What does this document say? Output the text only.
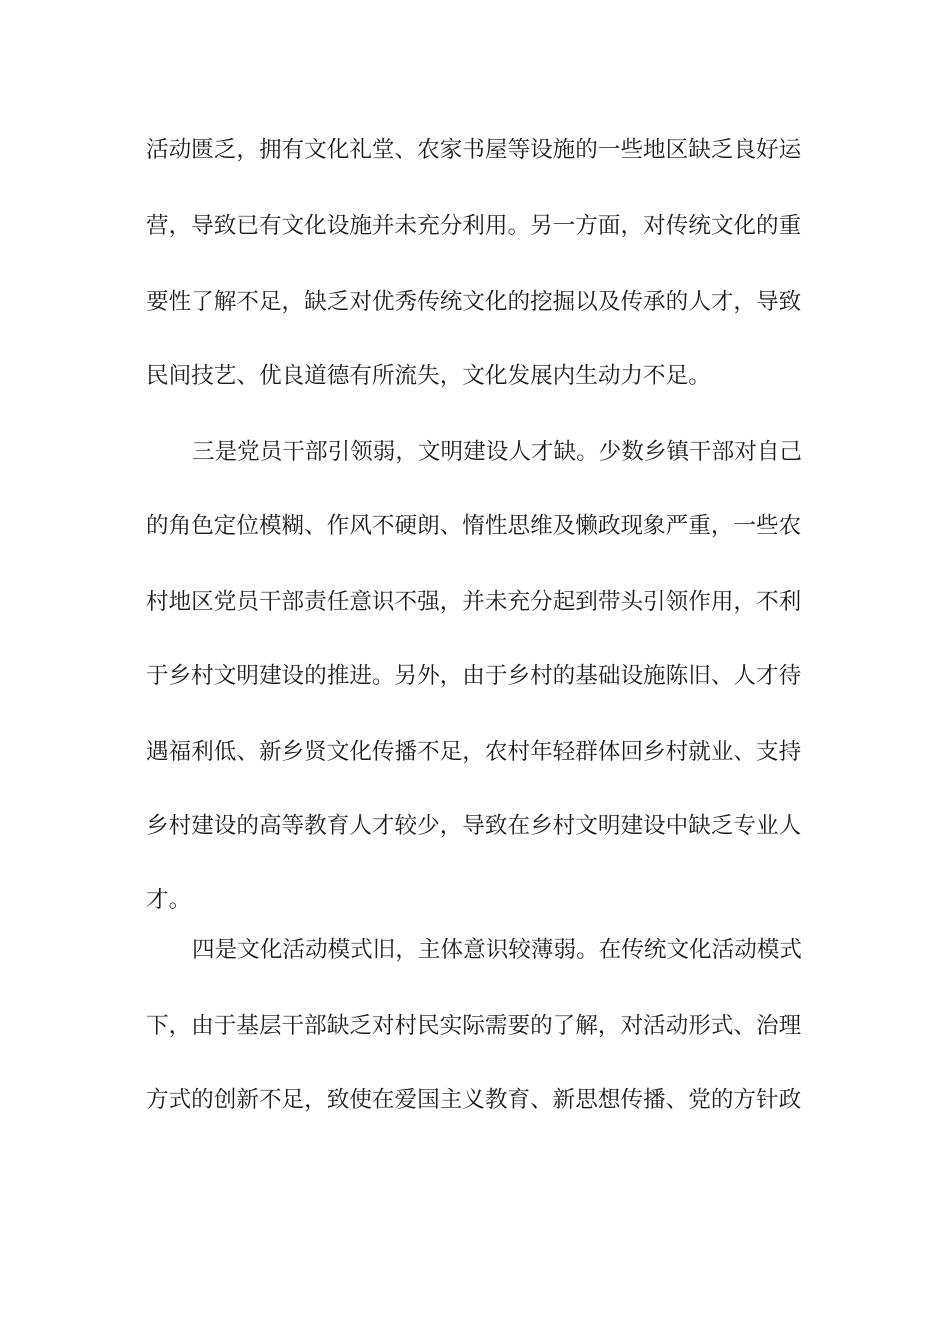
活动匮乏，拥有文化礼堂、农家书屋等设施的一些地区缺乏良好运
营，导致已有文化设施并未充分利用。另一方面，对传统文化的重
要性了解不足，缺乏对优秀传统文化的挖掘以及传承的人才，导致
民间技艺、优良道德有所流失，文化发展内生动力不足。
三是党员干部引领弱，文明建设人才缺。少数乡镇干部对自己
的角色定位模糊、作风不硬朗、惰性思维及懒政现象严重，一些农
村地区党员干部责任意识不强，并未充分起到带头引领作用，不利
于乡村文明建设的推进。另外，由于乡村的基础设施陈旧、人才待
遇福利低、新乡贤文化传播不足，农村年轻群体回乡村就业、支持
乡村建设的高等教育人才较少，导致在乡村文明建设中缺乏专业人
才。
四是文化活动模式旧，主体意识较薄弱。在传统文化活动模式
下，由于基层干部缺乏对村民实际需要的了解，对活动形式、治理
方式的创新不足，致使在爱国主义教育、新思想传播、党的方针政
